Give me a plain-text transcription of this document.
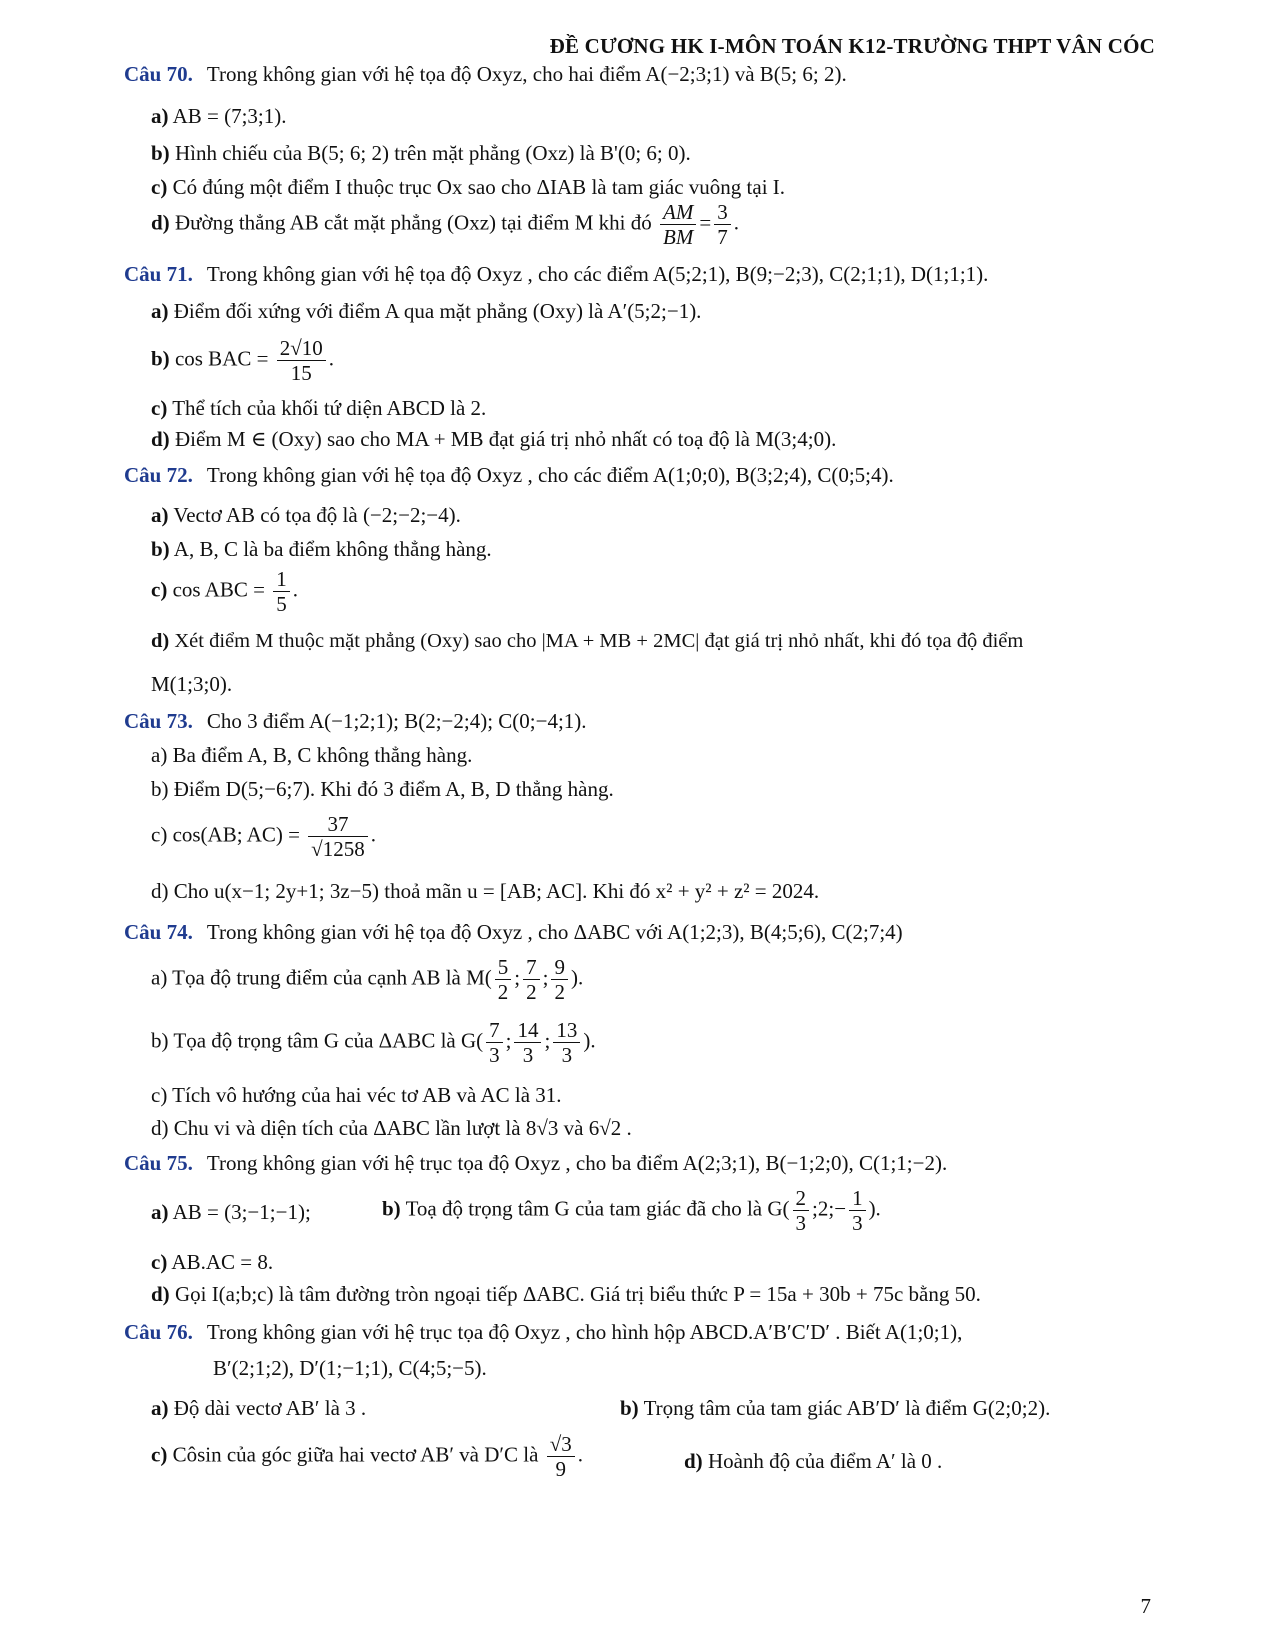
ĐỀ CƯƠNG HK I-MÔN TOÁN K12-TRƯỜNG THPT VÂN CÓC
Câu 70. Trong không gian với hệ tọa độ Oxyz, cho hai điểm A(−2;3;1) và B(5; 6; 2).
a) AB = (7;3;1).
b) Hình chiếu của B(5; 6; 2) trên mặt phẳng (Oxz) là B'(0; 6; 0).
c) Có đúng một điểm I thuộc trục Ox sao cho ΔIAB là tam giác vuông tại I.
d) Đường thẳng AB cắt mặt phẳng (Oxz) tại điểm M khi đó $\frac{AM}{BM} = \frac{3}{7}$ .
Câu 71. Trong không gian với hệ tọa độ Oxyz , cho các điểm A(5;2;1), B(9;−2;3), C(2;1;1), D(1;1;1).
a) Điểm đối xứng với điểm A qua mặt phẳng (Oxy) là A′(5;2;−1).
b) cos BAC = $\frac{2√10}{15}$ .
c) Thể tích của khối tứ diện ABCD là 2.
d) Điểm M ∈ (Oxy) sao cho MA + MB đạt giá trị nhỏ nhất có toạ độ là M(3;4;0).
Câu 72. Trong không gian với hệ tọa độ Oxyz , cho các điểm A(1;0;0), B(3;2;4), C(0;5;4).
a) Vectơ AB có tọa độ là (−2;−2;−4).
b) A, B, C là ba điểm không thẳng hàng.
c) cos ABC = $\frac{1}{5}$ .
d) Xét điểm M thuộc mặt phẳng (Oxy) sao cho |MA + MB + 2MC| đạt giá trị nhỏ nhất, khi đó tọa độ điểm
M(1;3;0).
Câu 73. Cho 3 điểm A(−1;2;1); B(2;−2;4); C(0;−4;1).
a) Ba điểm A, B, C không thẳng hàng.
b) Điểm D(5;−6;7). Khi đó 3 điểm A, B, D thẳng hàng.
c) cos(AB; $AC) = \frac{37}{√1258}$ .
d) Cho u(x−1; 2y+1; 3z−5) thoả mãn u = [AB; AC]. Khi đó x² + y² + z² = 2024.
Câu 74. Trong không gian với hệ tọa độ Oxyz , cho ΔABC với A(1;2;3), B(4;5;6), C(2;7;4)
a) Tọa độ trung điểm của cạnh AB là $M( \frac{5}{2}$ ; $\frac{7}{2}$ ; $\frac{9}{2}$ ).
b) Tọa độ trọng tâm G của ΔABC là $G( \frac{7}{3}$ ; $\frac{14}{3}$ ; $\frac{13}{3}$ ).
c) Tích vô hướng của hai véc tơ AB và AC là 31.
d) Chu vi và diện tích của ΔABC lần lượt là 8√3 và 6√2 .
Câu 75. Trong không gian với hệ trục tọa độ Oxyz , cho ba điểm A(2;3;1), B(−1;2;0), C(1;1;−2).
a) AB = (3;−1;−1);	b) Toạ độ trọng tâm G của tam giác đã cho là $G( \frac{2}{3}$ ;2;− $\frac{1}{3}$ ).
c) AB.AC = 8.
d) Gọi I(a;b;c) là tâm đường tròn ngoại tiếp ΔABC. Giá trị biểu thức P = 15a + 30b + 75c bằng 50.
Câu 76. Trong không gian với hệ trục tọa độ Oxyz , cho hình hộp ABCD.A′B′C′D′ . Biết A(1;0;1),
B′(2;1;2), D′(1;−1;1), C(4;5;−5).
a) Độ dài vectơ AB′ là 3 .	b) Trọng tâm của tam giác AB′D′ là điểm G(2;0;2).
c) Côsin của góc giữa hai vectơ AB′ và D′C là $\frac{√3}{9}$ .	d) Hoành độ của điểm A′ là 0 .
7
